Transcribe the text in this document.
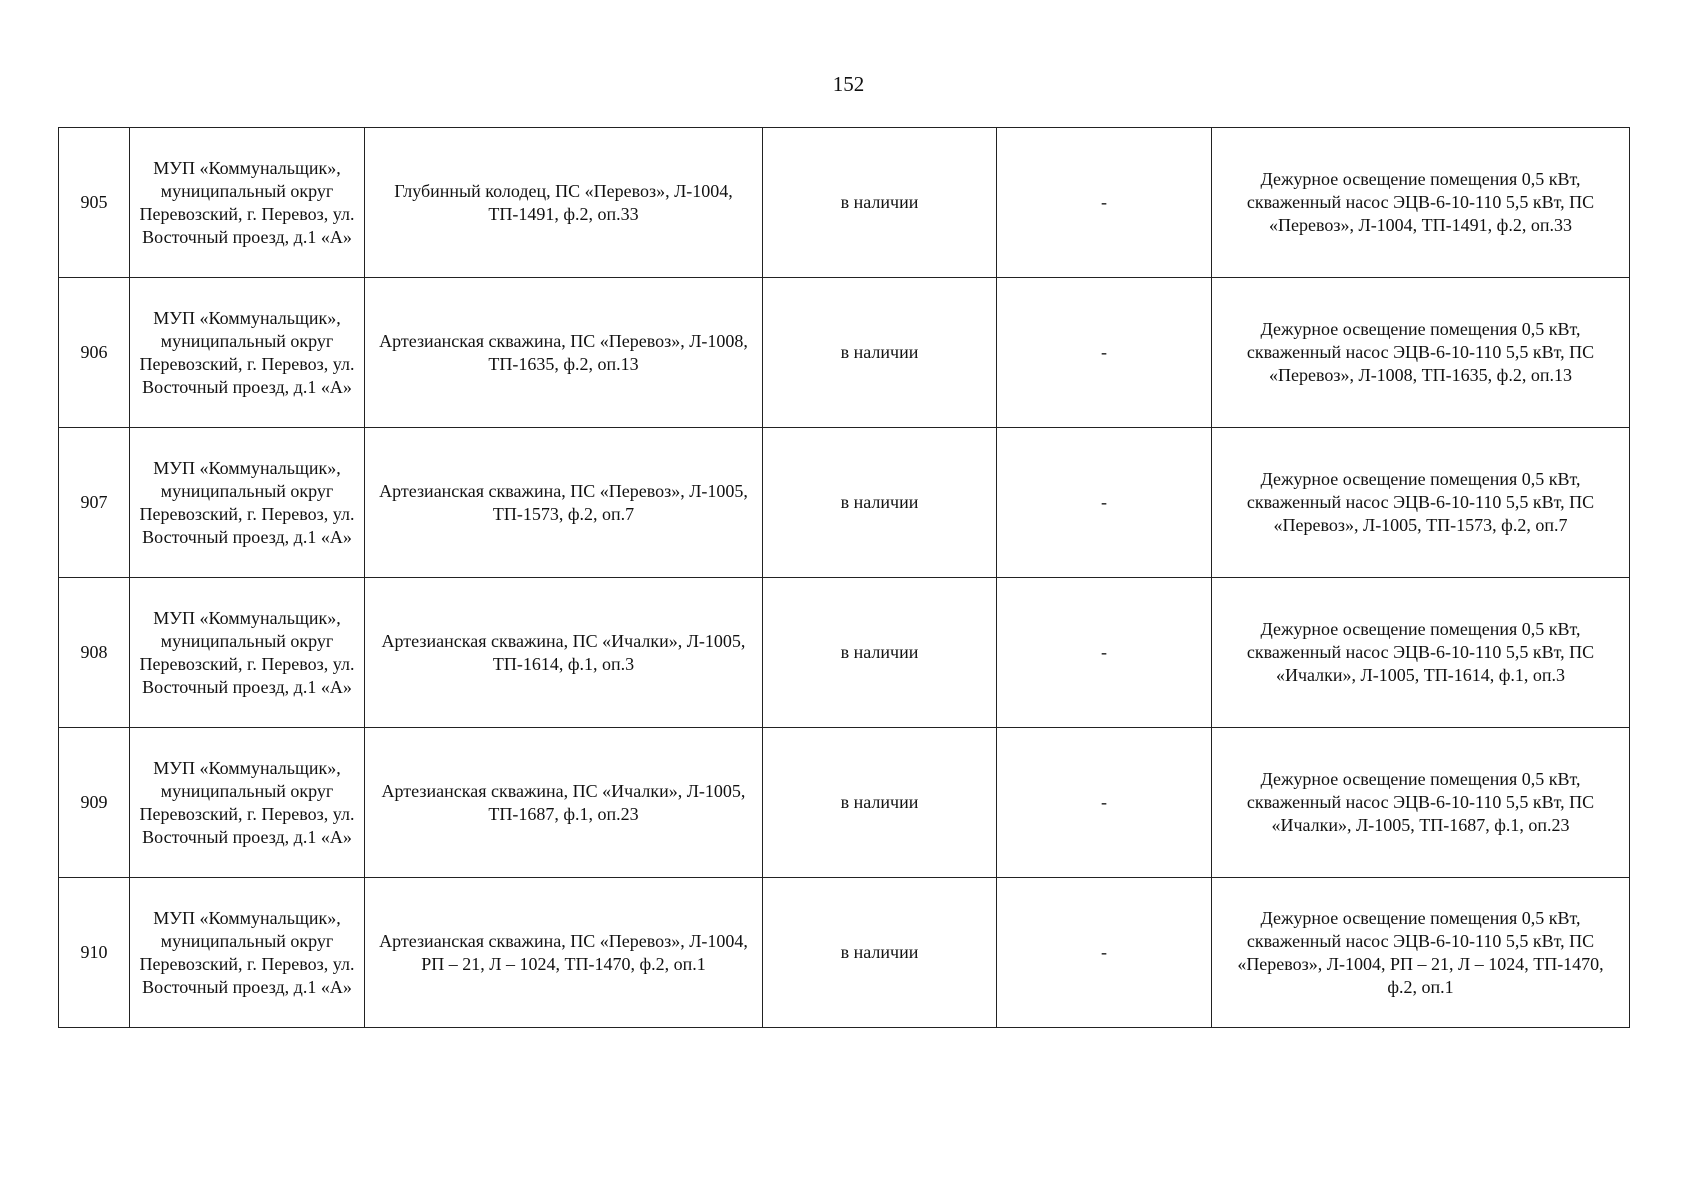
152
905	МУП «Коммунальщик», муниципальный округ Перевозский, г. Перевоз, ул. Восточный проезд, д.1 «А»	Глубинный колодец, ПС «Перевоз», Л-1004, ТП-1491, ф.2, оп.33	в наличии	-	Дежурное освещение помещения 0,5 кВт, скваженный насос ЭЦВ-6-10-110 5,5 кВт, ПС «Перевоз», Л-1004, ТП-1491, ф.2, оп.33
906	МУП «Коммунальщик», муниципальный округ Перевозский, г. Перевоз, ул. Восточный проезд, д.1 «А»	Артезианская скважина, ПС «Перевоз», Л-1008, ТП-1635, ф.2, оп.13	в наличии	-	Дежурное освещение помещения 0,5 кВт, скваженный насос ЭЦВ-6-10-110 5,5 кВт, ПС «Перевоз», Л-1008, ТП-1635, ф.2, оп.13
907	МУП «Коммунальщик», муниципальный округ Перевозский, г. Перевоз, ул. Восточный проезд, д.1 «А»	Артезианская скважина, ПС «Перевоз», Л-1005, ТП-1573, ф.2, оп.7	в наличии	-	Дежурное освещение помещения 0,5 кВт, скваженный насос ЭЦВ-6-10-110 5,5 кВт, ПС «Перевоз», Л-1005, ТП-1573, ф.2, оп.7
908	МУП «Коммунальщик», муниципальный округ Перевозский, г. Перевоз, ул. Восточный проезд, д.1 «А»	Артезианская скважина, ПС «Ичалки», Л-1005, ТП-1614, ф.1, оп.3	в наличии	-	Дежурное освещение помещения 0,5 кВт, скваженный насос ЭЦВ-6-10-110 5,5 кВт, ПС «Ичалки», Л-1005, ТП-1614, ф.1, оп.3
909	МУП «Коммунальщик», муниципальный округ Перевозский, г. Перевоз, ул. Восточный проезд, д.1 «А»	Артезианская скважина, ПС «Ичалки», Л-1005, ТП-1687, ф.1, оп.23	в наличии	-	Дежурное освещение помещения 0,5 кВт, скваженный насос ЭЦВ-6-10-110 5,5 кВт, ПС «Ичалки», Л-1005, ТП-1687, ф.1, оп.23
910	МУП «Коммунальщик», муниципальный округ Перевозский, г. Перевоз, ул. Восточный проезд, д.1 «А»	Артезианская скважина, ПС «Перевоз», Л-1004, РП – 21, Л – 1024, ТП-1470, ф.2, оп.1	в наличии	-	Дежурное освещение помещения 0,5 кВт, скваженный насос ЭЦВ-6-10-110 5,5 кВт, ПС «Перевоз», Л-1004, РП – 21, Л – 1024, ТП-1470, ф.2, оп.1
